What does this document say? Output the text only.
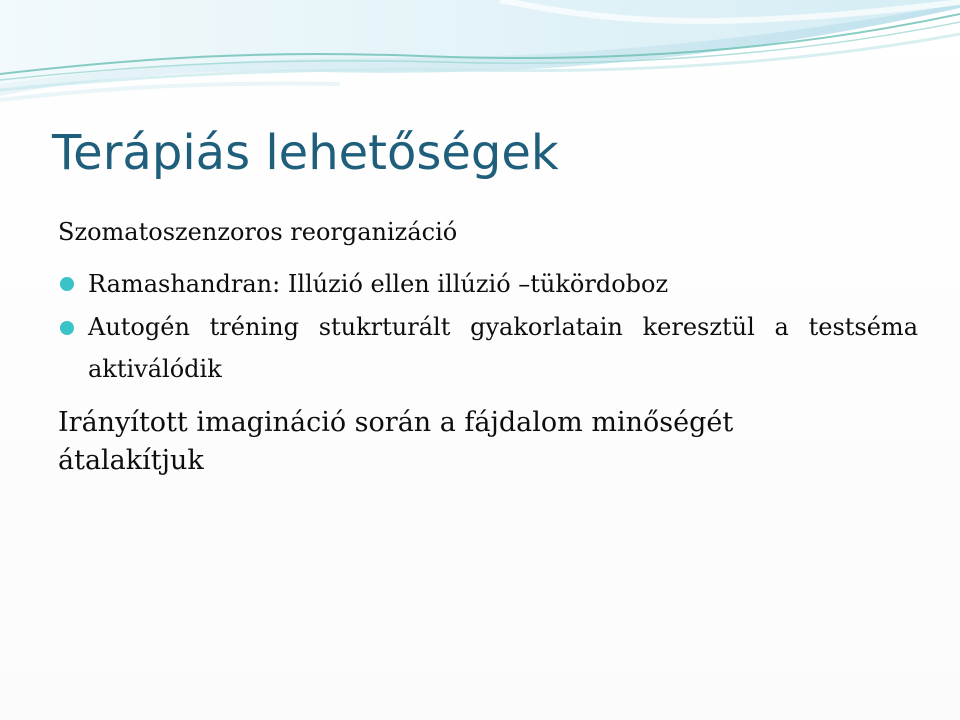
Terápiás lehetőségek
Szomatoszenzoros reorganizáció
Ramashandran: Illúzió ellen illúzió –tükördoboz
Autogén tréning stukrturált gyakorlatain keresztül a testséma aktiválódik
Irányított imagináció során a fájdalom minőségét átalakítjuk
